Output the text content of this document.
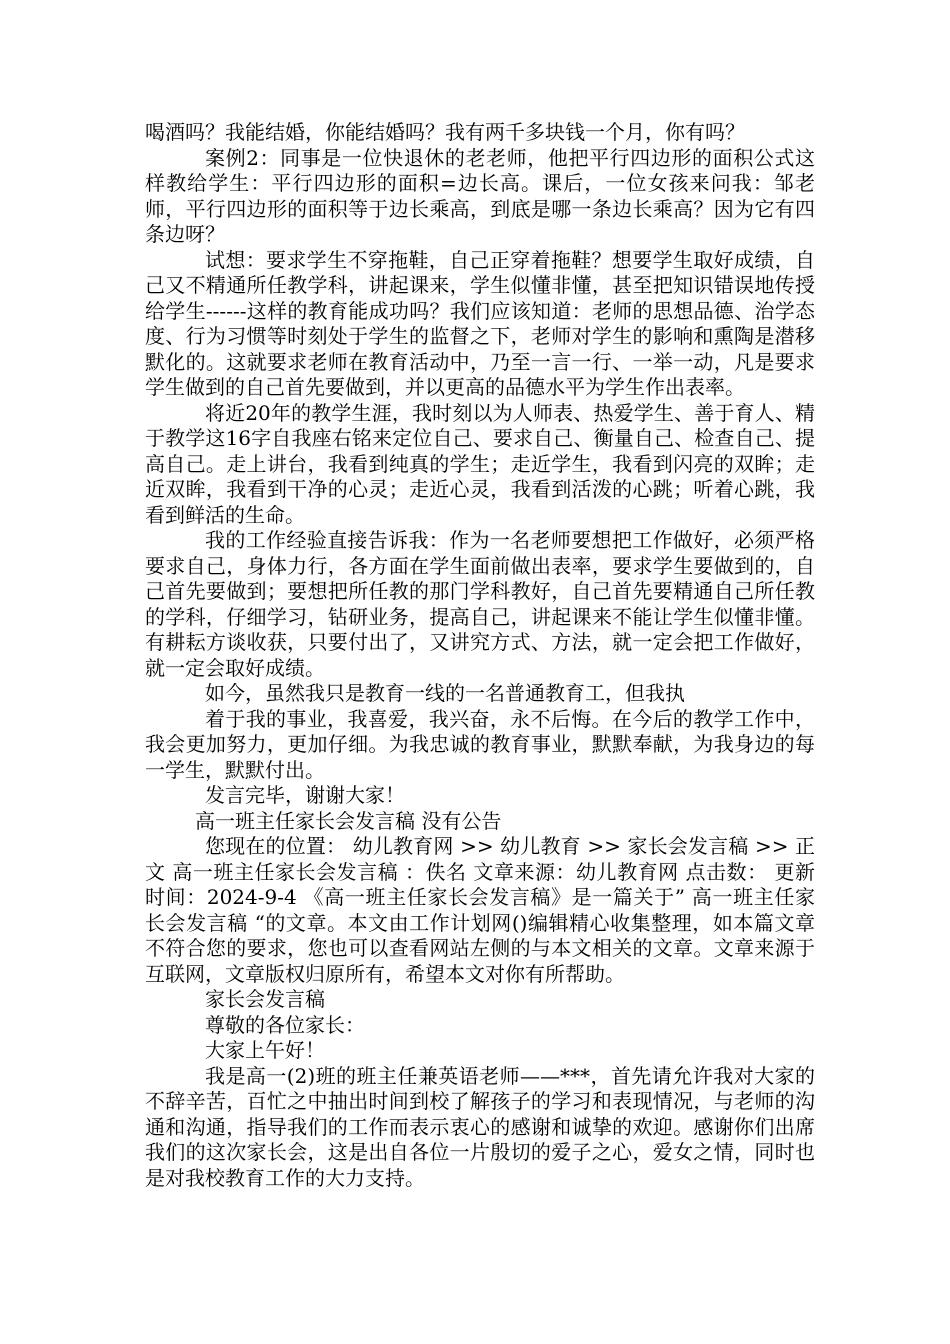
喝酒吗？我能结婚，你能结婚吗？我有两千多块钱一个月，你有吗？

案例2：同事是一位快退休的老老师，他把平行四边形的面积公式这样教给学生：平行四边形的面积=边长高。课后，一位女孩来问我：邹老师，平行四边形的面积等于边长乘高，到底是哪一条边长乘高？因为它有四条边呀？

试想：要求学生不穿拖鞋，自己正穿着拖鞋？想要学生取好成绩，自己又不精通所任教学科，讲起课来，学生似懂非懂，甚至把知识错误地传授给学生------这样的教育能成功吗？我们应该知道：老师的思想品德、治学态度、行为习惯等时刻处于学生的监督之下，老师对学生的影响和熏陶是潜移默化的。这就要求老师在教育活动中，乃至一言一行、一举一动，凡是要求学生做到的自己首先要做到，并以更高的品德水平为学生作出表率。

将近20年的教学生涯，我时刻以为人师表、热爱学生、善于育人、精于教学这16字自我座右铭来定位自己、要求自己、衡量自己、检查自己、提高自己。走上讲台，我看到纯真的学生；走近学生，我看到闪亮的双眸；走近双眸，我看到干净的心灵；走近心灵，我看到活泼的心跳；听着心跳，我看到鲜活的生命。

我的工作经验直接告诉我：作为一名老师要想把工作做好，必须严格要求自己，身体力行，各方面在学生面前做出表率，要求学生要做到的，自己首先要做到；要想把所任教的那门学科教好，自己首先要精通自己所任教的学科，仔细学习，钻研业务，提高自己，讲起课来不能让学生似懂非懂。有耕耘方谈收获，只要付出了，又讲究方式、方法，就一定会把工作做好，就一定会取好成绩。

如今，虽然我只是教育一线的一名普通教育工，但我执

着于我的事业，我喜爱，我兴奋，永不后悔。在今后的教学工作中，我会更加努力，更加仔细。为我忠诚的教育事业，默默奉献，为我身边的每一学生，默默付出。

发言完毕，谢谢大家！

高一班主任家长会发言稿 没有公告

您现在的位置： 幼儿教育网 >> 幼儿教育 >> 家长会发言稿 >> 正文 高一班主任家长会发言稿 ：佚名 文章来源：幼儿教育网 点击数： 更新时间：2024-9-4 《高一班主任家长会发言稿》是一篇关于” 高一班主任家长会发言稿 “的文章。本文由工作计划网()编辑精心收集整理，如本篇文章不符合您的要求，您也可以查看网站左侧的与本文相关的文章。文章来源于互联网，文章版权归原所有，希望本文对你有所帮助。

家长会发言稿

尊敬的各位家长：

大家上午好！

我是高一(2)班的班主任兼英语老师——***，首先请允许我对大家的不辞辛苦，百忙之中抽出时间到校了解孩子的学习和表现情况，与老师的沟通和沟通，指导我们的工作而表示衷心的感谢和诚挚的欢迎。感谢你们出席我们的这次家长会，这是出自各位一片殷切的爱子之心，爱女之情，同时也是对我校教育工作的大力支持。
